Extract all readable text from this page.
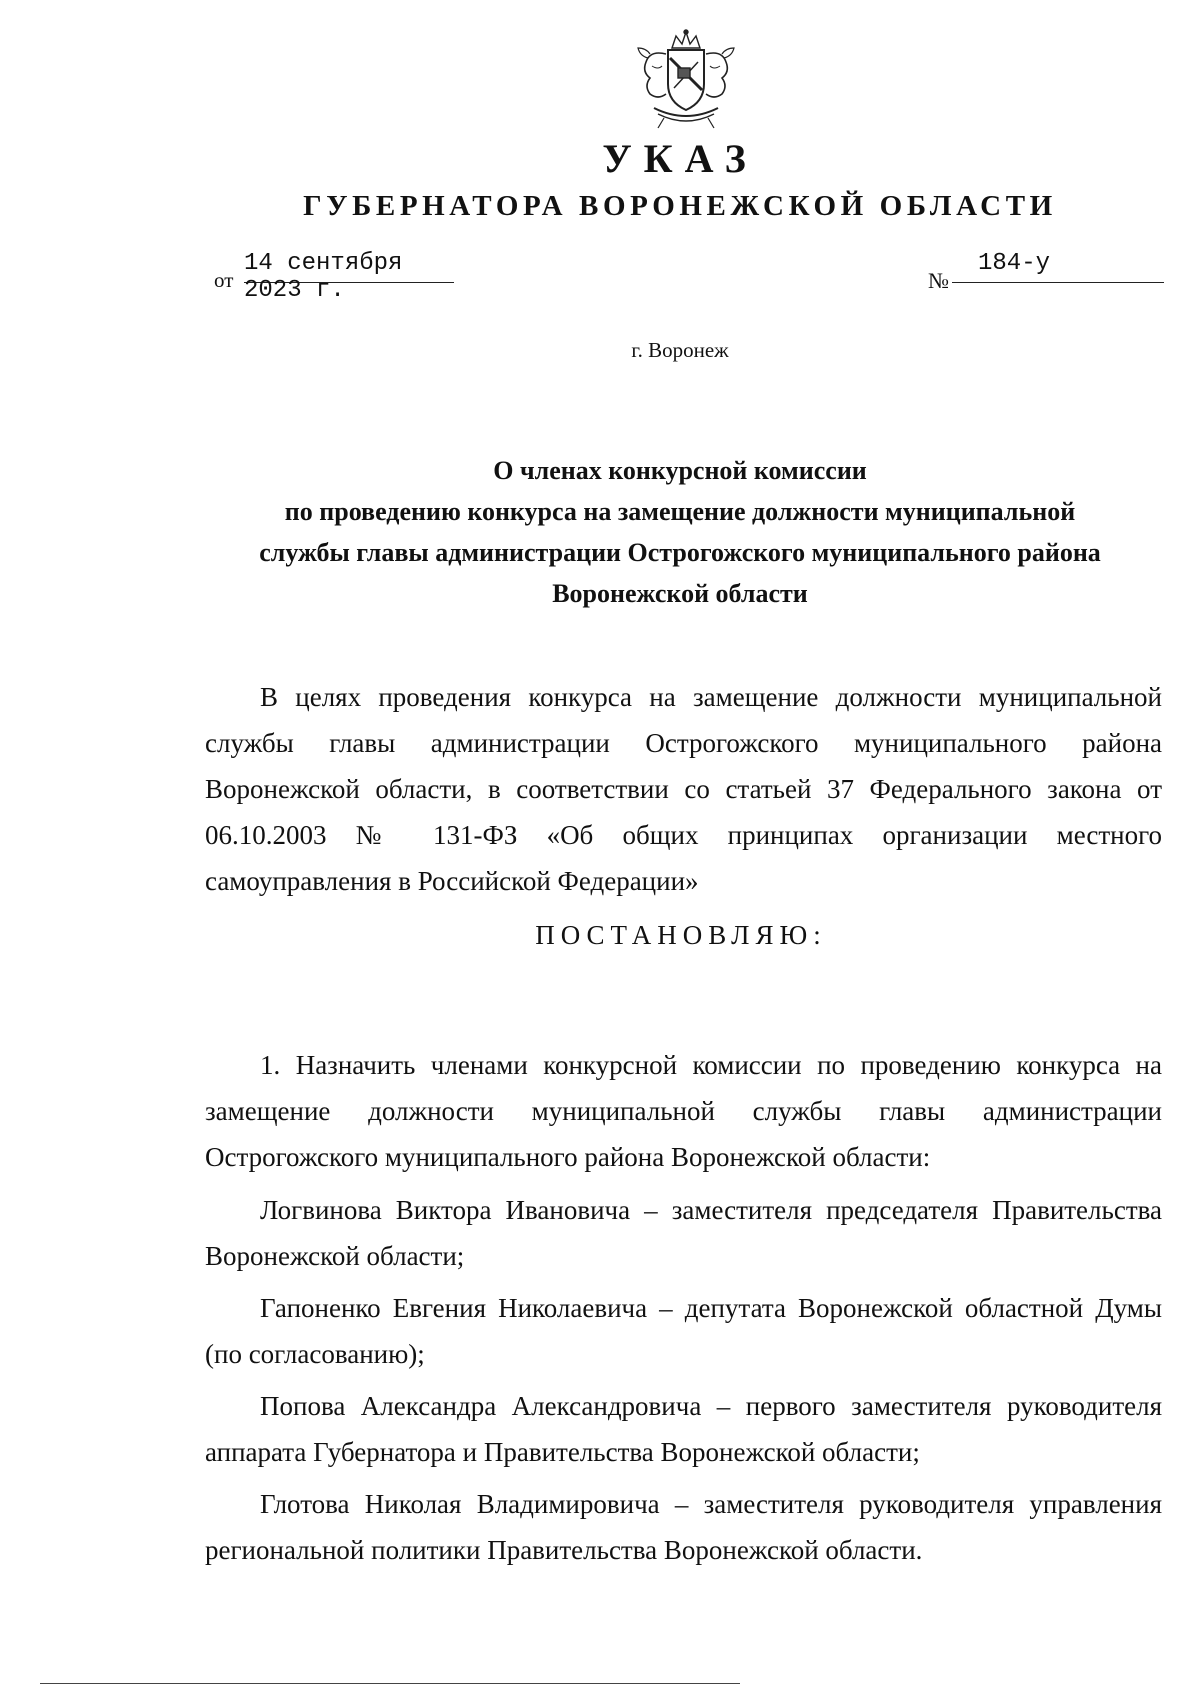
УКАЗ
ГУБЕРНАТОРА ВОРОНЕЖСКОЙ ОБЛАСТИ
от
14 сентября 2023 г.	№
184-у
г. Воронеж
О членах конкурсной комиссии
по проведению конкурса на замещение должности муниципальной
службы главы администрации Острогожского муниципального района
Воронежской области

В целях проведения конкурса на замещение должности муниципальной службы главы администрации Острогожского муниципального района Воронежской области, в соответствии со статьей 37 Федерального закона от 06.10.2003 № 131-ФЗ «Об общих принципах организации местного самоуправления в Российской Федерации»

ПОСТАНОВЛЯЮ:

1. Назначить членами конкурсной комиссии по проведению конкурса на замещение должности муниципальной службы главы администрации Острогожского муниципального района Воронежской области:

Логвинова Виктора Ивановича – заместителя председателя Правительства Воронежской области;

Гапоненко Евгения Николаевича – депутата Воронежской областной Думы (по согласованию);

Попова Александра Александровича – первого заместителя руководителя аппарата Губернатора и Правительства Воронежской области;

Глотова Николая Владимировича – заместителя руководителя управления региональной политики Правительства Воронежской области.
